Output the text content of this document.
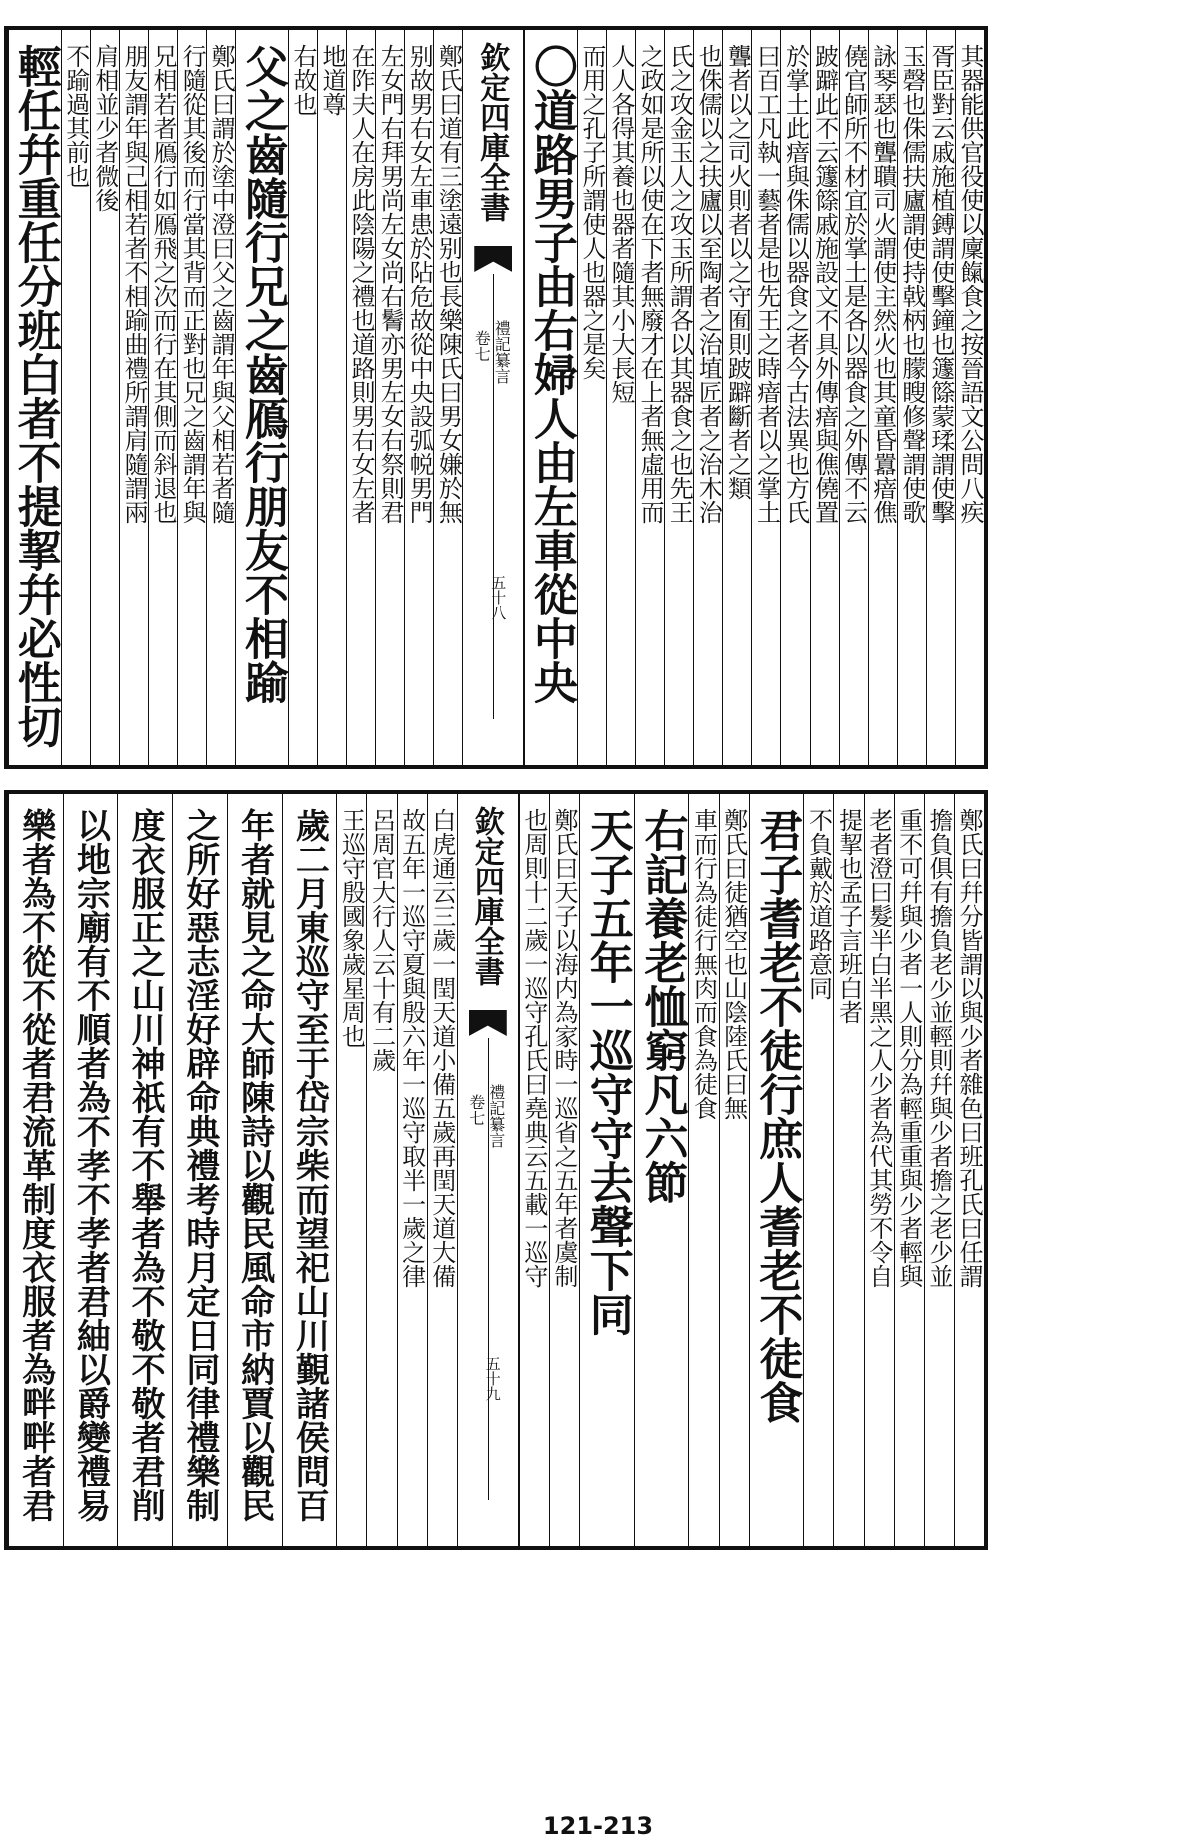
其器能供官役使以廩餼食之按晉語文公問八疾
胥臣對云戚施植鎛謂使擊鐘也籧篨蒙瑈謂使擊
玉磬也侏儒扶廬謂使持戟柄也朦瞍修聲謂使歌
詠琴瑟也聾聵司火謂使主然火也其童昏囂瘖僬
僥官師所不材宜於掌土是各以器食之外傳不云
跛躃此不云籧篨戚施設文不具外傳瘖與僬僥置
於掌土此瘖與侏儒以器食之者今古法異也方氏
曰百工凡執一藝者是也先王之時瘖者以之掌土
聾者以之司火則者以之守囿則跛躃斷者之類
也侏儒以之扶廬以至陶者之治埴匠者之治木治
氏之攻金玉人之攻玉所謂各以其器食之也先王
之政如是所以使在下者無廢才在上者無虛用而
人人各得其養也器者隨其小大長短
而用之孔子所謂使人也器之是矣
〇道路男子由右婦人由左車從中央
欽定四庫全書
禮記纂言
卷七
五十八
鄭氏曰道有三塗遠别也長樂陳氏曰男女嫌於無
别故男右女左車患於阽危故從中央設弧帨男門
左女門右拜男尚左女尚右鬌亦男左女右祭則君
在阼夫人在房此陰陽之禮也道路則男右女左者
地道尊
右故也
父之齒隨行兄之齒鴈行朋友不相踰
鄭氏曰謂於塗中澄曰父之齒謂年與父相若者隨
行隨從其後而行當其背而正對也兄之齒謂年與
兄相若者鴈行如鴈飛之次而行在其側而斜退也
朋友謂年與己相若者不相踰曲禮所謂肩隨謂兩
肩相並少者微後
不踰過其前也
輕任幷重任分班白者不提挈幷必性切
鄭氏曰幷分皆謂以與少者雜色曰班孔氏曰任謂
擔負俱有擔負老少並輕則幷與少者擔之老少並
重不可幷與少者一人則分為輕重重與少者輕與
老者澄曰髮半白半黑之人少者為代其勞不令自
提挈也孟子言班白者
不負戴於道路意同
君子耆老不徒行庶人耆老不徒食
鄭氏曰徒猶空也山陰陸氏曰無
車而行為徒行無肉而食為徒食
右記養老恤窮凡六節
天子五年一巡守守去聲下同
鄭氏曰天子以海内為家時一巡省之五年者虞制
也周則十二歲一巡守孔氏曰堯典云五載一巡守
欽定四庫全書
禮記纂言
卷七
五十九
白虎通云三歲一閏天道小備五歲再閏天道大備
故五年一巡守夏與殷六年一巡守取半一歲之律
呂周官大行人云十有二歲
王巡守殷國象歲星周也
歲二月東巡守至于岱宗柴而望祀山川覲諸侯問百
年者就見之命大師陳詩以觀民風命市納賈以觀民
之所好惡志淫好辟命典禮考時月定日同律禮樂制
度衣服正之山川神祇有不舉者為不敬不敬者君削
以地宗廟有不順者為不孝不孝者君紬以爵變禮易
樂者為不從不從者君流革制度衣服者為畔畔者君
121-213
